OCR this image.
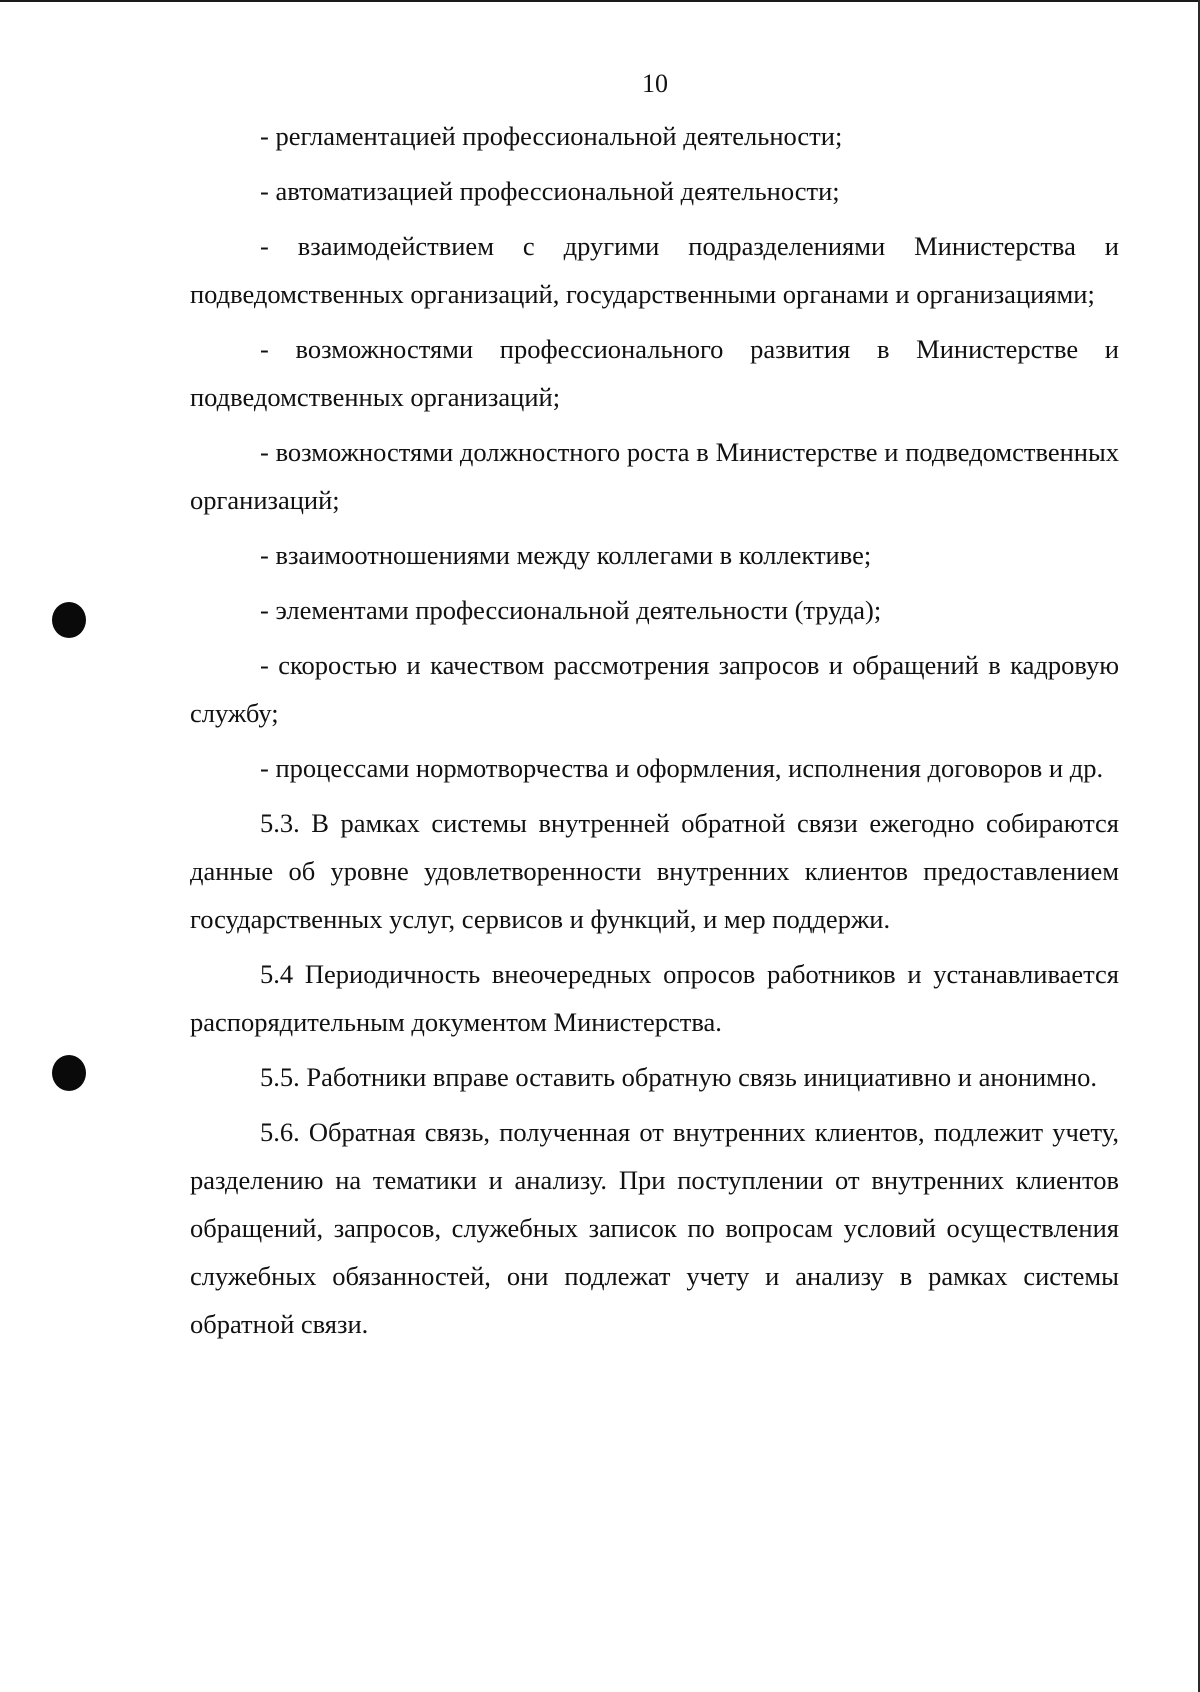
10

- регламентацией профессиональной деятельности;

- автоматизацией профессиональной деятельности;

- взаимодействием с другими подразделениями Министерства и подведомственных организаций, государственными органами и организациями;

- возможностями профессионального развития в Министерстве и подведомственных организаций;

- возможностями должностного роста в Министерстве и подведомственных организаций;

- взаимоотношениями между коллегами в коллективе;

- элементами профессиональной деятельности (труда);

- скоростью и качеством рассмотрения запросов и обращений в кадровую службу;

- процессами нормотворчества и оформления, исполнения договоров и др.

5.3. В рамках системы внутренней обратной связи ежегодно собираются данные об уровне удовлетворенности внутренних клиентов предоставлением государственных услуг, сервисов и функций, и мер поддержи.

5.4 Периодичность внеочередных опросов работников и устанавливается распорядительным документом Министерства.

5.5. Работники вправе оставить обратную связь инициативно и анонимно.

5.6. Обратная связь, полученная от внутренних клиентов, подлежит учету, разделению на тематики и анализу. При поступлении от внутренних клиентов обращений, запросов, служебных записок по вопросам условий осуществления служебных обязанностей, они подлежат учету и анализу в рамках системы обратной связи.
